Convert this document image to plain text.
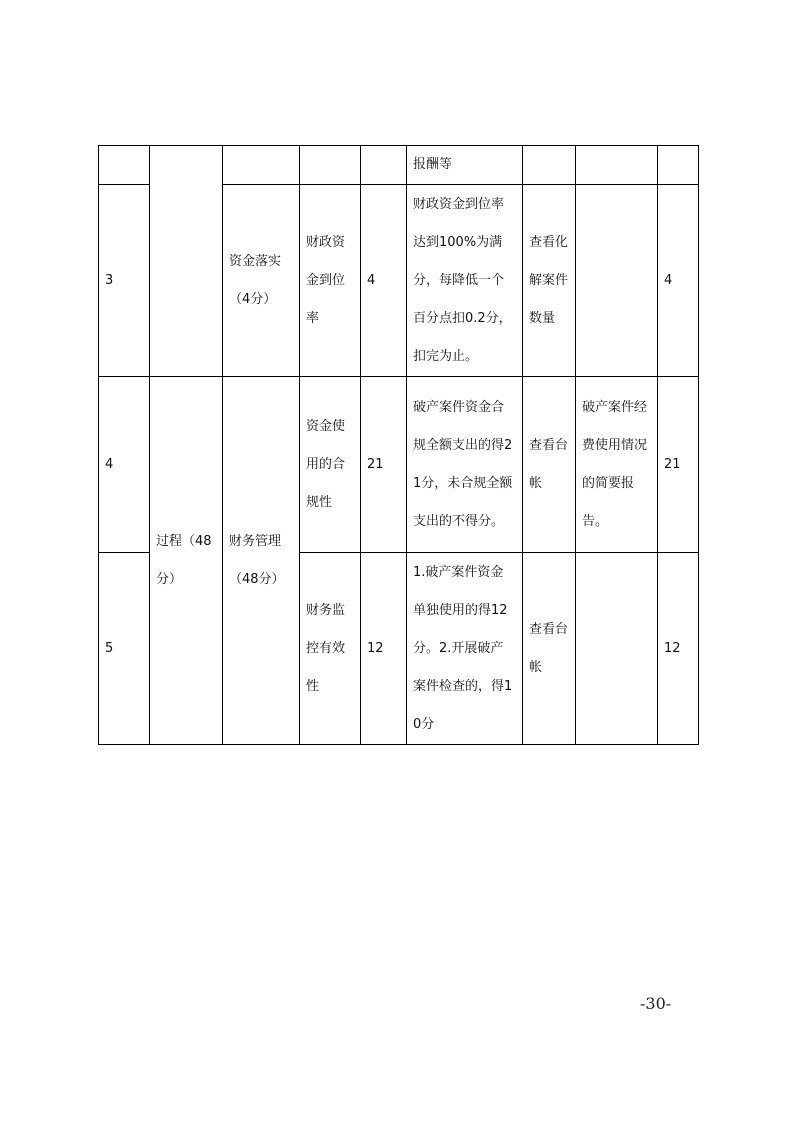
					报酬等			
3		资金落实（4分）	财政资金到位率	4	财政资金到位率达到100%为满分，每降低一个百分点扣0.2分，扣完为止。	查看化解案件数量		4
4	过程（48分）	财务管理（48分）	资金使用的合规性	21	破产案件资金合规全额支出的得21分，未合规全额支出的不得分。	查看台帐	破产案件经费使用情况的简要报告。	21
5			财务监控有效性	12	1.破产案件资金单独使用的得12分。2.开展破产案件检查的，得10分	查看台帐		12
-30-
